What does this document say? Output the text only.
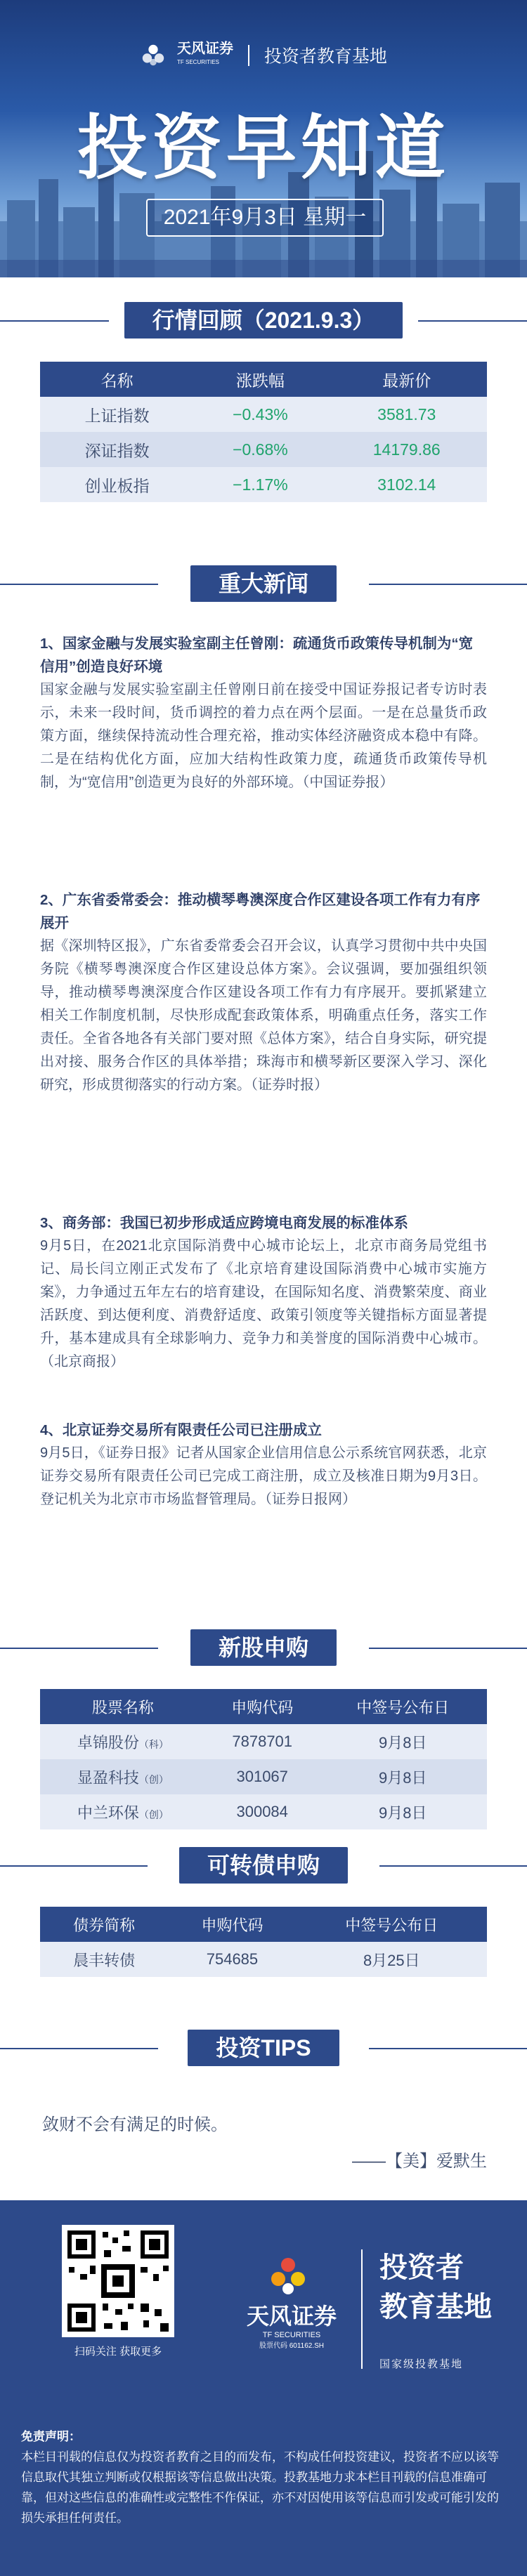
天风证券
TF SECURITIES	投资者教育基地
投资早知道
2021年9月3日 星期一
行情回顾（2021.9.3）
名称	涨跌幅	最新价
上证指数	−0.43%	3581.73
深证指数	−0.68%	14179.86
创业板指	−1.17%	3102.14
重大新闻
1、国家金融与发展实验室副主任曾刚：疏通货币政策传导机制为“宽信用”创造良好环境

国家金融与发展实验室副主任曾刚日前在接受中国证券报记者专访时表示，未来一段时间，货币调控的着力点在两个层面。一是在总量货币政策方面，继续保持流动性合理充裕，推动实体经济融资成本稳中有降。二是在结构优化方面，应加大结构性政策力度，疏通货币政策传导机制，为“宽信用”创造更为良好的外部环境。（中国证券报）

2、广东省委常委会：推动横琴粤澳深度合作区建设各项工作有力有序展开

据《深圳特区报》，广东省委常委会召开会议，认真学习贯彻中共中央国务院《横琴粤澳深度合作区建设总体方案》。会议强调，要加强组织领导，推动横琴粤澳深度合作区建设各项工作有力有序展开。要抓紧建立相关工作制度机制，尽快形成配套政策体系，明确重点任务，落实工作责任。全省各地各有关部门要对照《总体方案》，结合自身实际，研究提出对接、服务合作区的具体举措；珠海市和横琴新区要深入学习、深化研究，形成贯彻落实的行动方案。（证券时报）

3、商务部：我国已初步形成适应跨境电商发展的标准体系

9月5日，在2021北京国际消费中心城市论坛上，北京市商务局党组书记、局长闫立刚正式发布了《北京培育建设国际消费中心城市实施方案》，力争通过五年左右的培育建设，在国际知名度、消费繁荣度、商业活跃度、到达便利度、消费舒适度、政策引领度等关键指标方面显著提升，基本建成具有全球影响力、竞争力和美誉度的国际消费中心城市。（北京商报）

4、北京证券交易所有限责任公司已注册成立

9月5日，《证券日报》记者从国家企业信用信息公示系统官网获悉，北京证券交易所有限责任公司已完成工商注册，成立及核准日期为9月3日。登记机关为北京市市场监督管理局。（证券日报网）

新股申购
股票名称	申购代码	中签号公布日
卓锦股份（科）	7878701	9月8日
显盈科技（创）	301067	9月8日
中兰环保（创）	300084	9月8日
可转债申购
债券简称	申购代码	中签号公布日
晨丰转债	754685	8月25日
投资TIPS
敛财不会有满足的时候。
——【美】爱默生
扫码关注 获取更多
天风证券
TF SECURITIES
股票代码 601162.SH
投资者
教育基地
国家级投教基地
免责声明：
本栏目刊载的信息仅为投资者教育之目的而发布，不构成任何投资建议，投资者不应以该等信息取代其独立判断或仅根据该等信息做出决策。投教基地力求本栏目刊载的信息准确可靠，但对这些信息的准确性或完整性不作保证，亦不对因使用该等信息而引发或可能引发的损失承担任何责任。
